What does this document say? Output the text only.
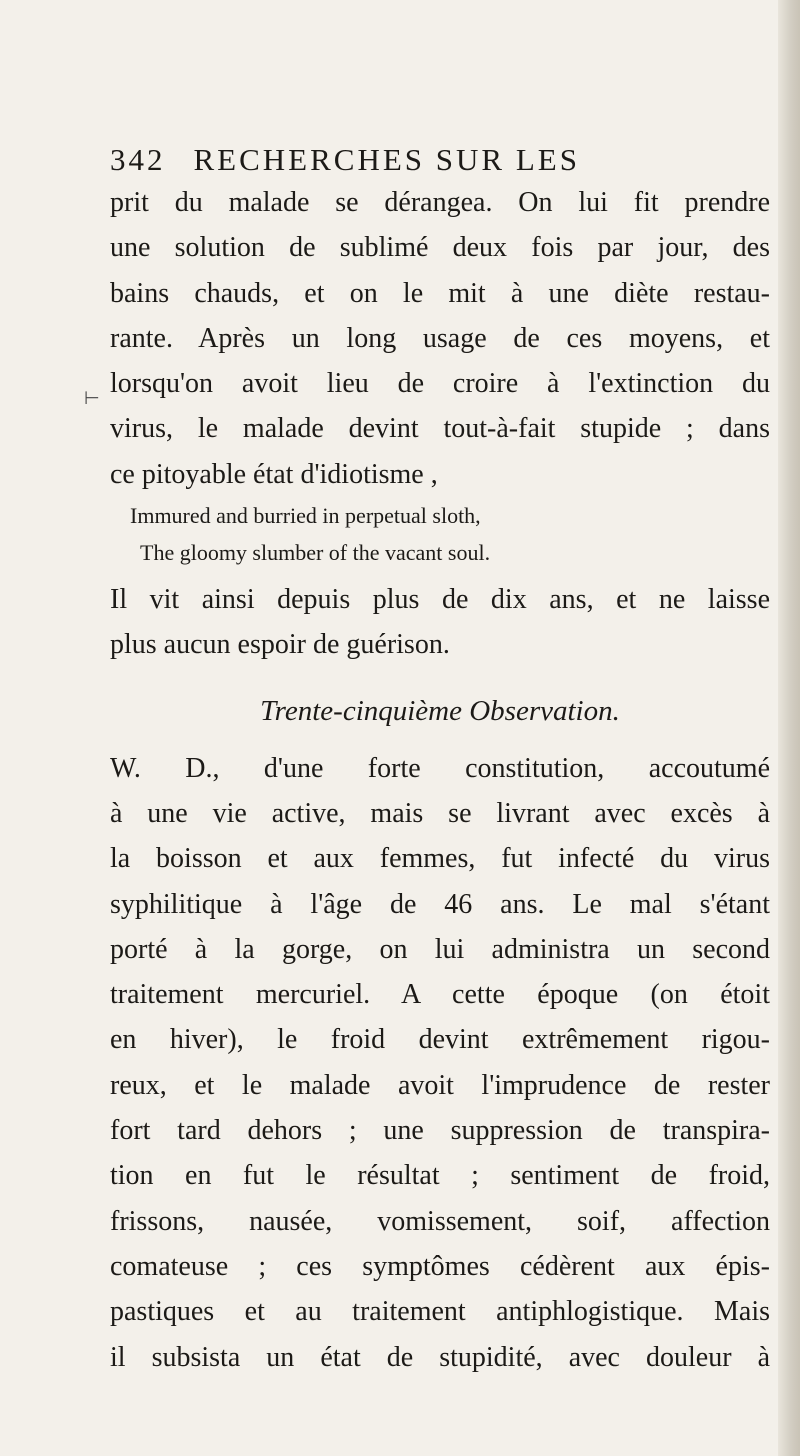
⊢
342 RECHERCHES SUR LES
prit du malade se dérangea. On lui fit prendre
une solution de sublimé deux fois par jour, des
bains chauds, et on le mit à une diète restau-
rante. Après un long usage de ces moyens, et
lorsqu'on avoit lieu de croire à l'extinction du
virus, le malade devint tout-à-fait stupide ; dans
ce pitoyable état d'idiotisme ,
Immured and burried in perpetual sloth,
The gloomy slumber of the vacant soul.
Il vit ainsi depuis plus de dix ans, et ne laisse
plus aucun espoir de guérison.
Trente-cinquième Observation.
W. D., d'une forte constitution, accoutumé
à une vie active, mais se livrant avec excès à
la boisson et aux femmes, fut infecté du virus
syphilitique à l'âge de 46 ans. Le mal s'étant
porté à la gorge, on lui administra un second
traitement mercuriel. A cette époque (on étoit
en hiver), le froid devint extrêmement rigou-
reux, et le malade avoit l'imprudence de rester
fort tard dehors ; une suppression de transpira-
tion en fut le résultat ; sentiment de froid,
frissons, nausée, vomissement, soif, affection
comateuse ; ces symptômes cédèrent aux épis-
pastiques et au traitement antiphlogistique. Mais
il subsista un état de stupidité, avec douleur à
